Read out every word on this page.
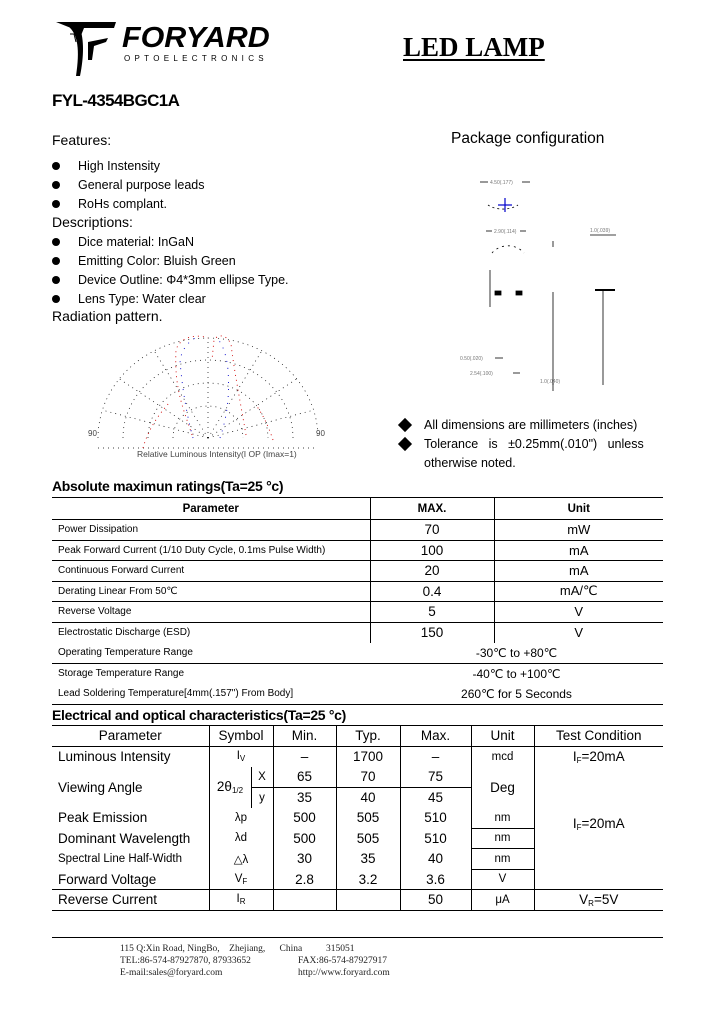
FORYARD
OPTOELECTRONICS	LED LAMP
FYL-4354BGC1A
Features:
High Instensity
General purpose leads
RoHs complant.
Descriptions:
Dice material: InGaN
Emitting Color: Bluish Green
Device Outline: Φ4*3mm ellipse Type.
Lens Type: Water clear
Radiation pattern.
90	90
Relative Luminous Intensity(I OP (Ιmax=1)
Package configuration
4.50(.177)
2.90(.114)	1.0(.039)
0.50(.020)
2.54(.100)
1.0(.040)
All dimensions are millimeters (inches)
Tolerance   is   ±0.25mm(.010")   unless
otherwise noted.
Absolute maximun ratings(Ta=25 °c)
Parameter	MAX.	Unit
Power Dissipation	70	mW
Peak Forward Current (1/10 Duty Cycle, 0.1ms Pulse Width)	100	mA
Continuous Forward Current	20	mA
Derating Linear From 50℃	0.4	mA/℃
Reverse Voltage	5	V
Electrostatic Discharge (ESD)	150	V
Operating Temperature Range	-30℃ to +80℃	
Storage Temperature Range	-40℃ to +100℃	
Lead Soldering Temperature[4mm(.157") From Body]	260℃ for 5 Seconds	
Electrical and optical characteristics(Ta=25 °c)
Parameter	Symbol		Min.	Typ.	Max.	Unit	Test Condition
Luminous Intensity	$I_V$		–	1700	–	mcd	$I_F=20mA$
Viewing Angle	$2\theta_{1/2}$	X	65	70	75	Deg	
		y	35	40	45		
Peak Emission	λp		500	505	510	nm	$I_F=20mA$
Dominant Wavelength	λd		500	505	510	nm	
Spectral Line Half-Width	△λ		30	35	40	nm	
Forward Voltage	$V_F$		2.8	3.2	3.6	V	
Reverse Current	$I_R$				50	μA	$V_R=5V$
115 Q:Xin Road, NingBo,    Zhejiang,      China          315051
TEL:86-574-87927870, 87933652	FAX:86-574-87927917
E-mail:sales@foryard.com	http://www.foryard.com
